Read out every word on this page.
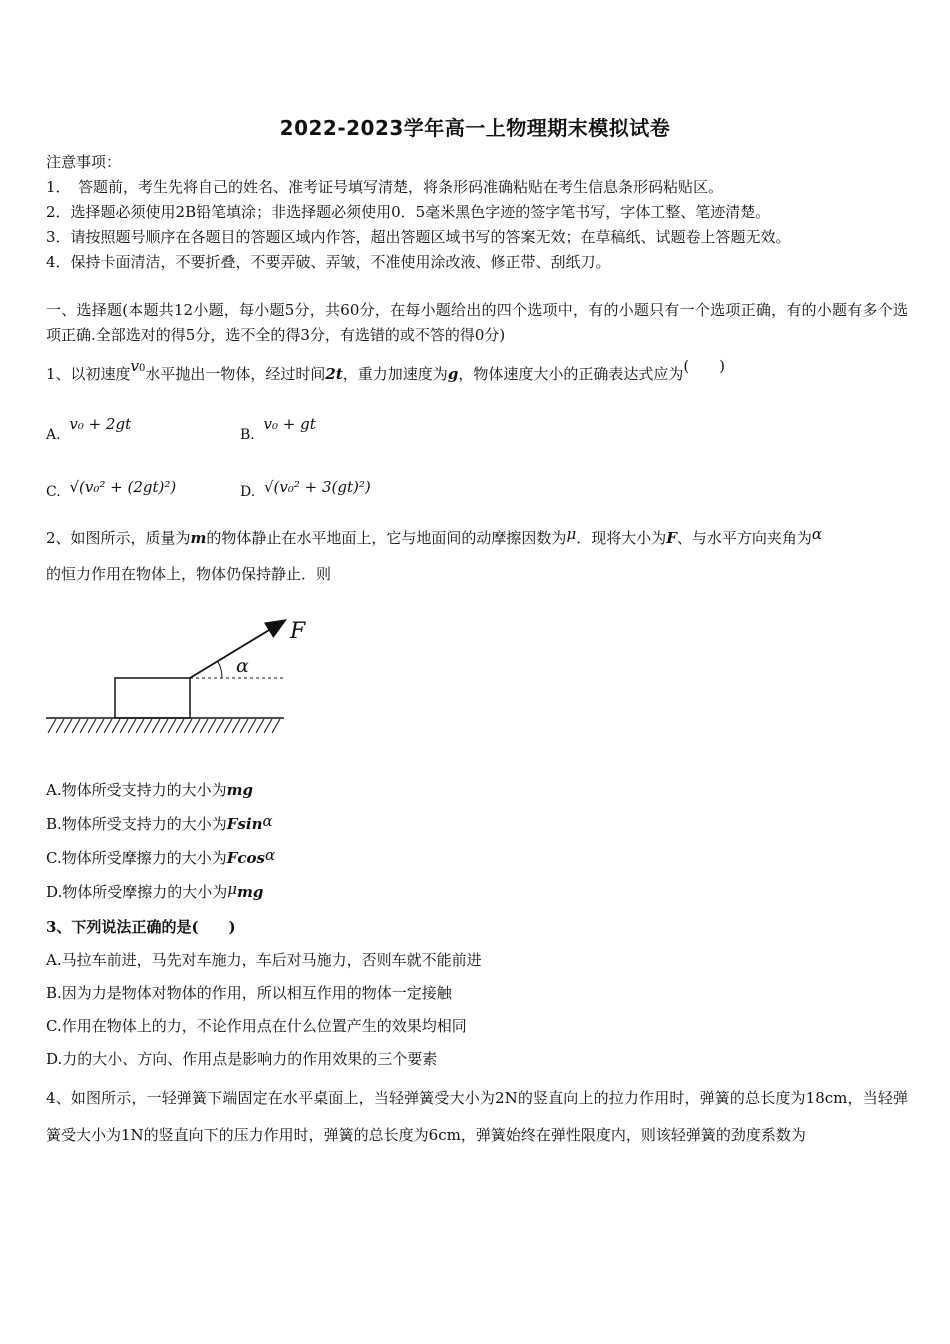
2022-2023学年高一上物理期末模拟试卷
注意事项：
1．　答题前，考生先将自己的姓名、准考证号填写清楚，将条形码准确粘贴在考生信息条形码粘贴区。
2．选择题必须使用2B铅笔填涂；非选择题必须使用0．5毫米黑色字迹的签字笔书写，字体工整、笔迹清楚。
3．请按照题号顺序在各题目的答题区域内作答，超出答题区域书写的答案无效；在草稿纸、试题卷上答题无效。
4．保持卡面清洁，不要折叠，不要弄破、弄皱，不准使用涂改液、修正带、刮纸刀。
一、选择题(本题共12小题，每小题5分，共60分，在每小题给出的四个选项中，有的小题只有一个选项正确，有的小题有多个选项正确.全部选对的得5分，选不全的得3分，有选错的或不答的得0分)
1、以初速度v0水平抛出一物体，经过时间2t，重力加速度为g，物体速度大小的正确表达式应为(　　)
A. v₀ + 2gt
B. v₀ + gt
C. √(v₀² + (2gt)²)	D. √(v₀² + 3(gt)²)
2、如图所示，质量为m的物体静止在水平地面上，它与地面间的动摩擦因数为μ．现将大小为F、与水平方向夹角为α
的恒力作用在物体上，物体仍保持静止．则
F
α
A.物体所受支持力的大小为mg
B.物体所受支持力的大小为Fsinα
C.物体所受摩擦力的大小为Fcosα
D.物体所受摩擦力的大小为μmg
3、下列说法正确的是(　　)
A.马拉车前进，马先对车施力，车后对马施力，否则车就不能前进
B.因为力是物体对物体的作用，所以相互作用的物体一定接触
C.作用在物体上的力，不论作用点在什么位置产生的效果均相同
D.力的大小、方向、作用点是影响力的作用效果的三个要素
4、如图所示，一轻弹簧下端固定在水平桌面上，当轻弹簧受大小为2N的竖直向上的拉力作用时，弹簧的总长度为18cm，当轻弹簧受大小为1N的竖直向下的压力作用时，弹簧的总长度为6cm，弹簧始终在弹性限度内，则该轻弹簧的劲度系数为
